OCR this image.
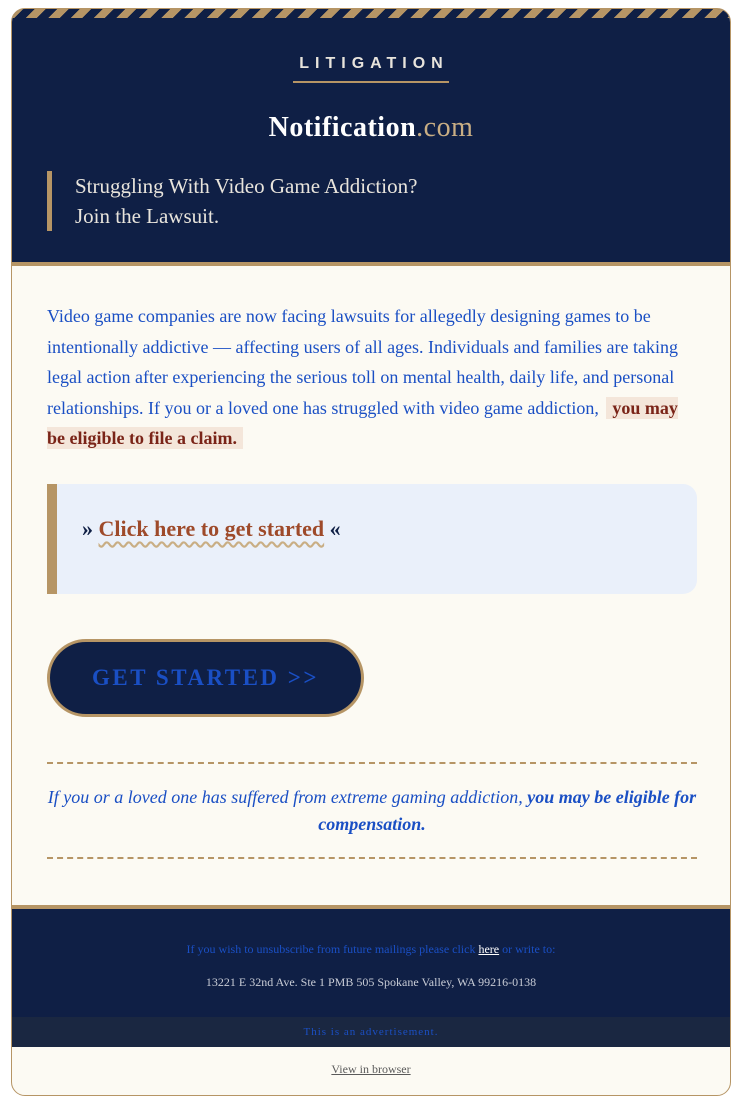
LITIGATION
Notification.com
Struggling With Video Game Addiction?
Join the Lawsuit.
Video game companies are now facing lawsuits for allegedly designing games to be intentionally addictive — affecting users of all ages. Individuals and families are taking legal action after experiencing the serious toll on mental health, daily life, and personal relationships. If you or a loved one has struggled with video game addiction, you may be eligible to file a claim.
» Click here to get started «
GET STARTED >>
If you or a loved one has suffered from extreme gaming addiction, you may be eligible for compensation.
If you wish to unsubscribe from future mailings please click here or write to:
13221 E 32nd Ave. Ste 1 PMB 505 Spokane Valley, WA 99216-0138
This is an advertisement.
View in browser
